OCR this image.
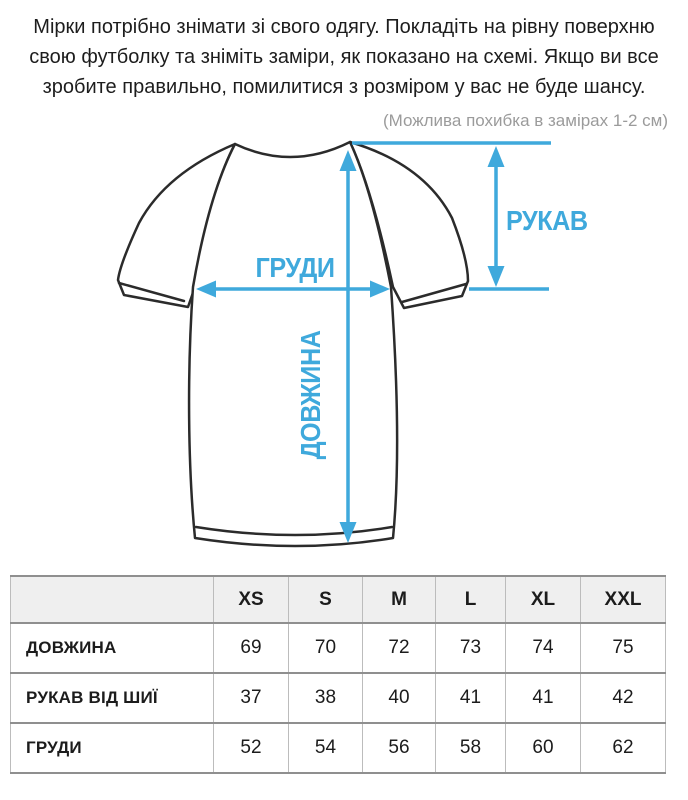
Мірки потрібно знімати зі свого одягу. Покладіть на рівну поверхню
свою футболку та зніміть заміри, як показано на схемі. Якщо ви все
зробите правильно, помилитися з розміром у вас не буде шансу.
(Можлива похибка в замірах 1-2 см)
РУКАВ
ГРУДИ
ДОВЖИНА
	XS	S	M	L	XL	XXL
ДОВЖИНА	69	70	72	73	74	75
РУКАВ ВІД ШИЇ	37	38	40	41	41	42
ГРУДИ	52	54	56	58	60	62
